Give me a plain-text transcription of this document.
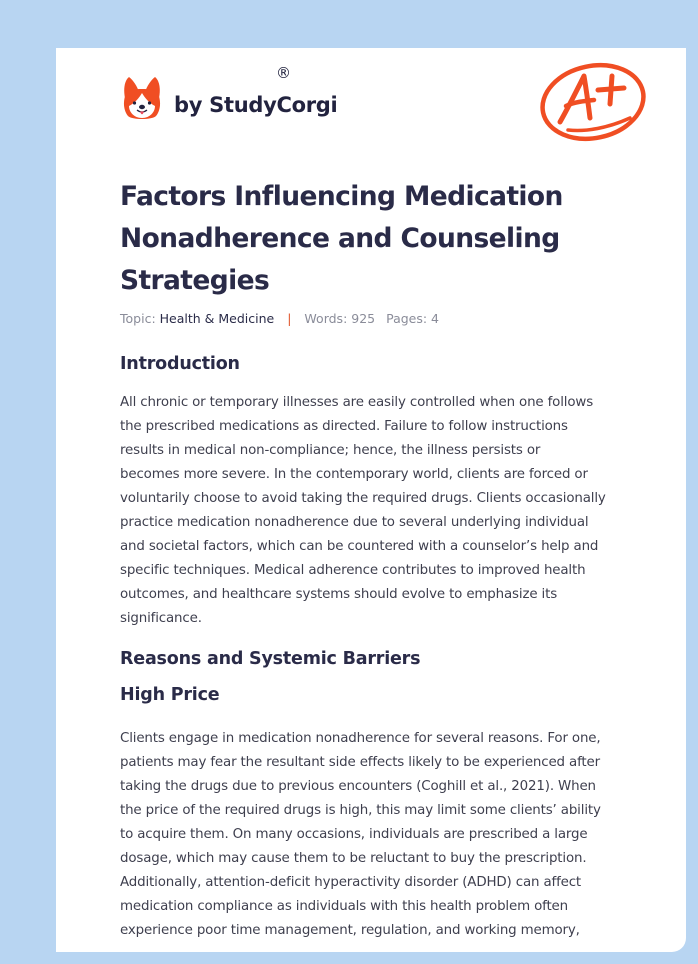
by StudyCorgi
®
Factors Influencing Medication
Nonadherence and Counseling
Strategies
Topic: Health & Medicine | Words: 925 Pages: 4
Introduction
All chronic or temporary illnesses are easily controlled when one follows
the prescribed medications as directed. Failure to follow instructions
results in medical non-compliance; hence, the illness persists or
becomes more severe. In the contemporary world, clients are forced or
voluntarily choose to avoid taking the required drugs. Clients occasionally
practice medication nonadherence due to several underlying individual
and societal factors, which can be countered with a counselor’s help and
specific techniques. Medical adherence contributes to improved health
outcomes, and healthcare systems should evolve to emphasize its
significance.
Reasons and Systemic Barriers
High Price
Clients engage in medication nonadherence for several reasons. For one,
patients may fear the resultant side effects likely to be experienced after
taking the drugs due to previous encounters (Coghill et al., 2021). When
the price of the required drugs is high, this may limit some clients’ ability
to acquire them. On many occasions, individuals are prescribed a large
dosage, which may cause them to be reluctant to buy the prescription.
Additionally, attention-deficit hyperactivity disorder (ADHD) can affect
medication compliance as individuals with this health problem often
experience poor time management, regulation, and working memory,
